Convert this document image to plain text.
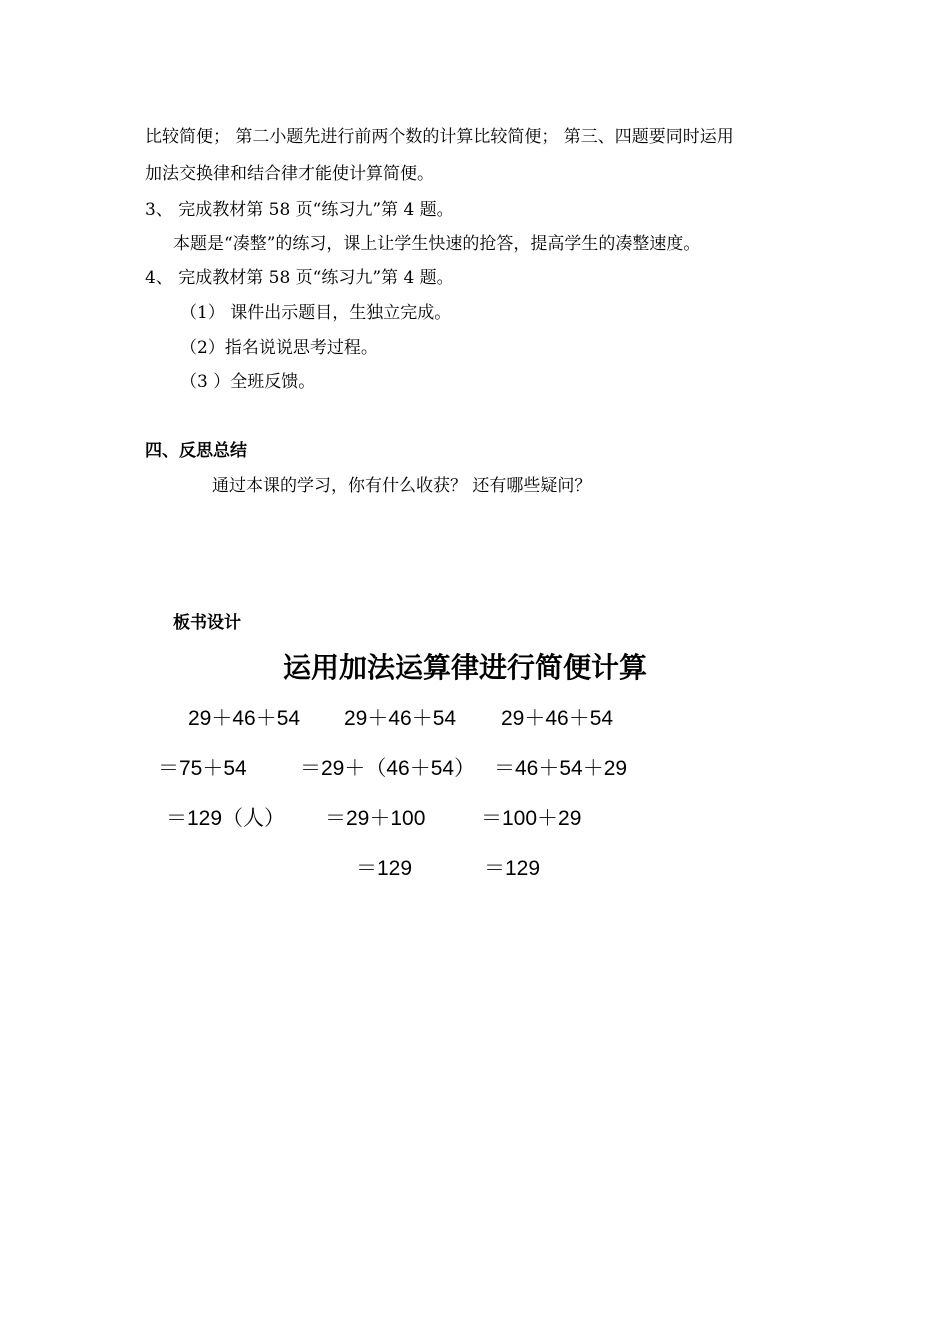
比较简便； 第二小题先进行前两个数的计算比较简便； 第三、四题要同时运用
加法交换律和结合律才能使计算简便。
3、 完成教材第 58 页“练习九”第 4 题。
本题是“凑整”的练习，课上让学生快速的抢答，提高学生的凑整速度。
4、 完成教材第 58 页“练习九”第 4 题。
（1） 课件出示题目，生独立完成。
（2）指名说说思考过程。
（3 ）全班反馈。
四、反思总结
通过本课的学习，你有什么收获？ 还有哪些疑问？
板书设计
运用加法运算律进行简便计算
29＋46＋54
＝75＋54
＝129（人）
29＋46＋54
＝29＋（46＋54）
＝29＋100
＝129
29＋46＋54
＝46＋54＋29
＝100＋29
＝129
